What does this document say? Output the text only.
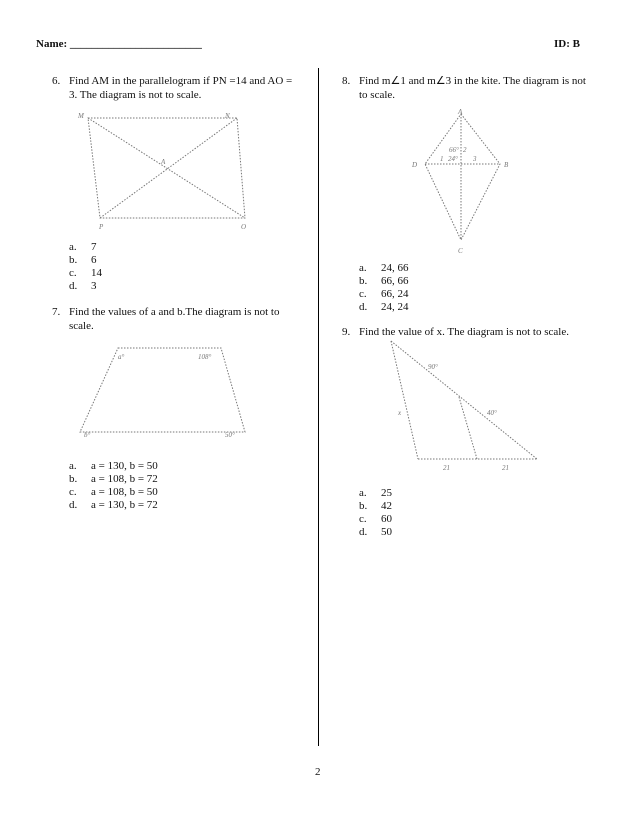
Name: ________________________	ID: B
6. Find AM in the parallelogram if PN =14 and AO =
3. The diagram is not to scale.
M	N
O
P
A
a. 7
b. 6
c. 14
d. 3
7. Find the values of a and b.The diagram is not to
scale.
a°	108°
b°	50°
a. a = 130, b = 50
b. a = 108, b = 72
c. a = 108, b = 50
d. a = 130, b = 72
8. Find m∠1 and m∠3 in the kite. The diagram is not
to scale.
A
B
C
D
66° 2
1 24° 3
a. 24, 66
b. 66, 66
c. 66, 24
d. 24, 24
9. Find the value of x. The diagram is not to scale.
x
90°
40°
21	21
a. 25
b. 42
c. 60
d. 50
2
